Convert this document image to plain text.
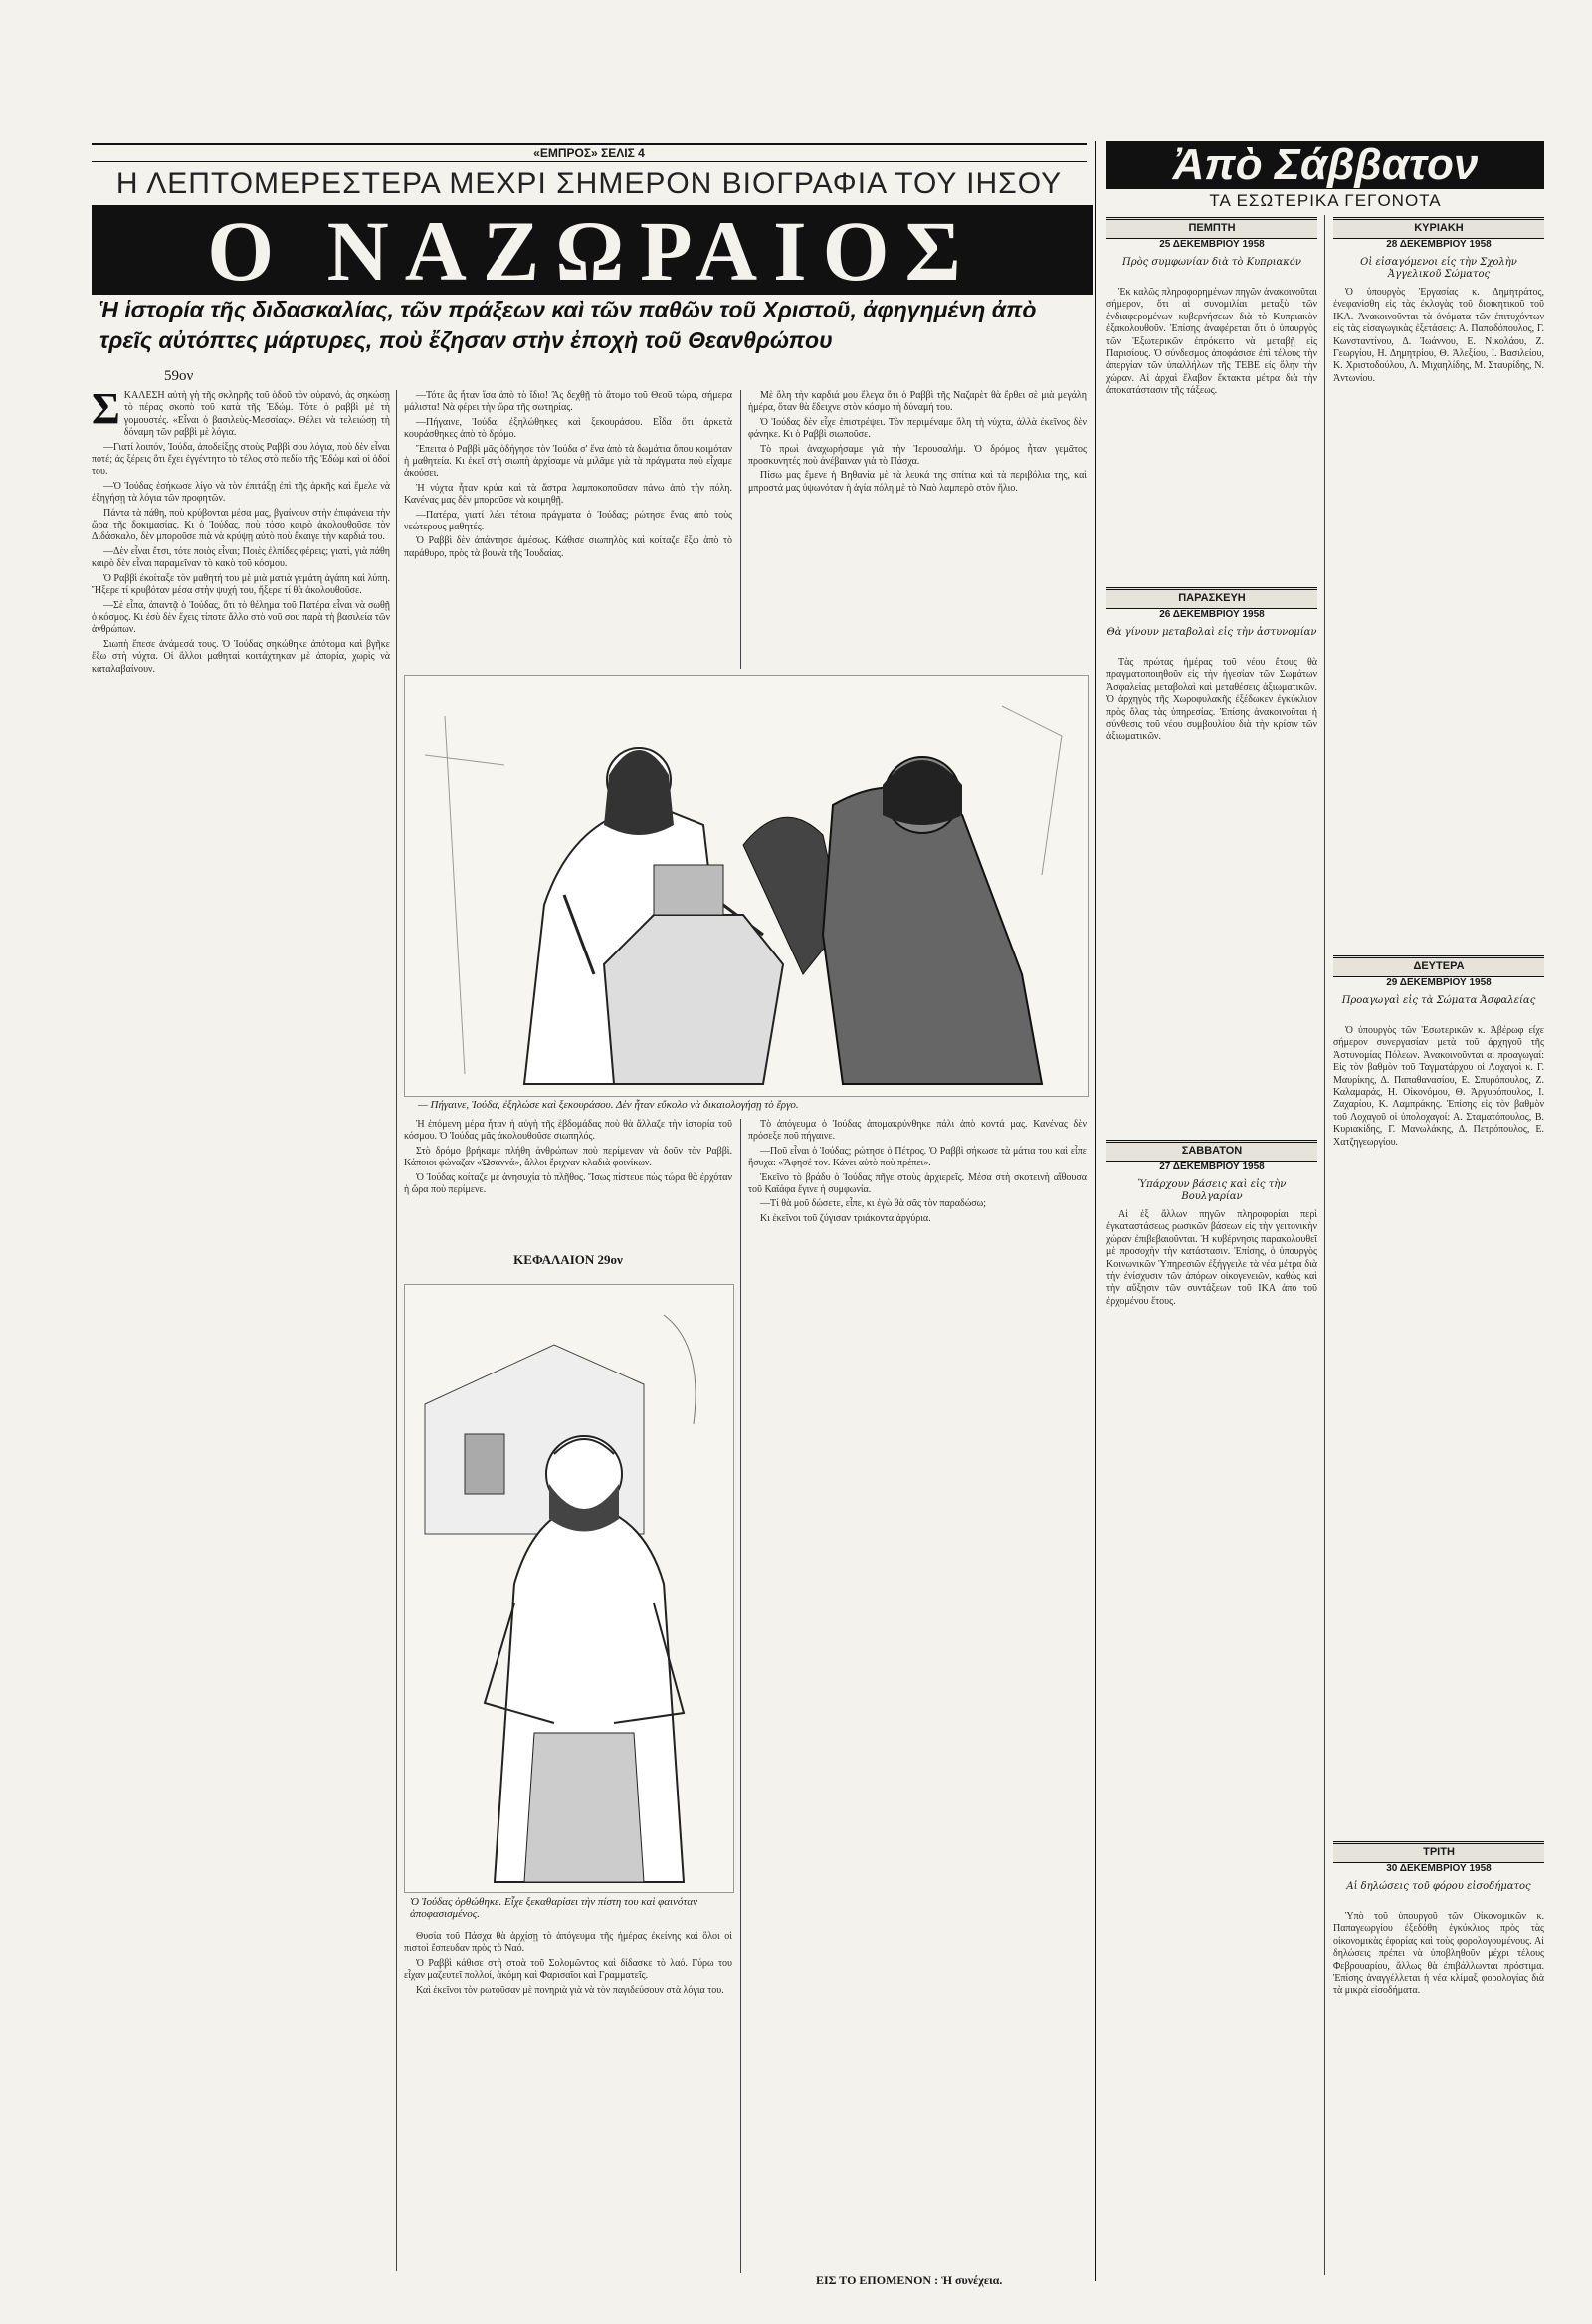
«ΕΜΠΡΟΣ» ΣΕΛΙΣ 4
Η ΛΕΠΤΟΜΕΡΕΣΤΕΡΑ ΜΕΧΡΙ ΣΗΜΕΡΟΝ ΒΙΟΓΡΑΦΙΑ ΤΟΥ ΙΗΣΟΥ
Ο ΝΑΖΩΡΑΙΟΣ
Ἡ ἱστορία τῆς διδασκαλίας, τῶν πράξεων καὶ τῶν παθῶν τοῦ Χριστοῦ, ἀφηγημένη ἀπὸ τρεῖς αὐτόπτες μάρτυρες, ποὺ ἔζησαν στὴν ἐποχὴ τοῦ Θεανθρώπου
59ον

Σ ΚΑΛΕΣΗ αὐτὴ γὴ τῆς σκληρῆς τοῦ ὁδοῦ τὸν οὐρανό, ἀς σηκώσῃ τὸ πέρας σκοπὸ τοῦ κατὰ τῆς Ἐδώμ. Τότε ὁ ραββὶ μὲ τὴ γομουστές. «Εἶναι ὁ βασιλεὺς-Μεσσίας». Θέλει νὰ τελειώσῃ τὴ δόναμη τῶν ραββὶ μὲ λόγια.

—Γιατί λοιπόν, Ἰούδα, ἀποδείξῃς στοὺς Ραββὶ σου λόγια, ποὺ δὲν εἶναι ποτέ; ἀς ξέρεις ὅτι ἔχει ἐγγέντητο τὸ τέλος στὸ πεδίο τῆς Ἐδὼμ καὶ οἱ ὁδοί του.

—Ὁ Ἰούδας ἐσήκωσε λίγο νὰ τὸν ἐπιτάξῃ ἐπὶ τῆς ἀρκῆς καὶ ἔμελε νὰ ἐξηγήσῃ τὰ λόγια τῶν προφητῶν.

Πάντα τὰ πάθη, ποὺ κρύβονται μέσα μας, βγαίνουν στὴν ἐπιφάνεια τὴν ὥρα τῆς δοκιμασίας. Κι ὁ Ἰούδας, ποὺ τόσο καιρὸ ἀκολουθοῦσε τὸν Διδάσκαλο, δὲν μποροῦσε πιὰ νὰ κρύψῃ αὐτὸ ποὺ ἔκαιγε τὴν καρδιά του.

—Δὲν εἶναι ἔτσι, τότε ποιὸς εἶναι; Ποιὲς ἐλπίδες φέρεις; γιατὶ, γιὰ πάθη καιρὸ δὲν εἶναι παραμεῖναν τὸ κακὸ τοῦ κόσμου.

Ὁ Ραββὶ ἐκοίταξε τὸν μαθητή του μὲ μιὰ ματιὰ γεμάτη ἀγάπη καὶ λύπη. Ἤξερε τί κρυβόταν μέσα στὴν ψυχή του, ἤξερε τί θὰ ἀκολουθοῦσε.

—Σὲ εἶπα, ἀπαντᾷ ὁ Ἰούδας, ὅτι τὸ θέλημα τοῦ Πατέρα εἶναι νὰ σωθῇ ὁ κόσμος. Κι ἐσὺ δὲν ἔχεις τίποτε ἄλλο στὸ νοῦ σου παρὰ τὴ βασιλεία τῶν ἀνθρώπων.

Σιωπὴ ἔπεσε ἀνάμεσά τους. Ὁ Ἰούδας σηκώθηκε ἀπότομα καὶ βγῆκε ἔξω στὴ νύχτα. Οἱ ἄλλοι μαθηταὶ κοιτάχτηκαν μὲ ἀπορία, χωρὶς νὰ καταλαβαίνουν.

—Τότε ἂς ἦταν ἴσα ἀπὸ τὸ ἴδιο! Ἂς δεχθῇ τὸ ἄτομο τοῦ Θεοῦ τώρα, σήμερα μάλιστα! Νὰ φέρει τὴν ὥρα τῆς σωτηρίας.

—Πήγαινε, Ἰούδα, ἐξηλώθηκες καὶ ξεκουράσου. Εἶδα ὅτι ἀρκετὰ κουράσθηκες ἀπὸ τὸ δρόμο.

Ἔπειτα ὁ Ραββὶ μᾶς ὁδήγησε τὸν Ἰούδα σ' ἕνα ἀπὸ τὰ δωμάτια ὅπου κοιμόταν ἡ μαθητεία. Κι ἐκεῖ στὴ σιωπὴ ἀρχίσαμε νὰ μιλᾶμε γιὰ τὰ πράγματα ποὺ εἶχαμε ἀκούσει.

Ἡ νύχτα ἦταν κρύα καὶ τὰ ἄστρα λαμποκοποῦσαν πάνω ἀπὸ τὴν πόλη. Κανένας μας δὲν μποροῦσε νὰ κοιμηθῇ.

—Πατέρα, γιατί λέει τέτοια πράγματα ὁ Ἰούδας; ρώτησε ἕνας ἀπὸ τοὺς νεώτερους μαθητές.

Ὁ Ραββὶ δὲν ἀπάντησε ἀμέσως. Κάθισε σιωπηλὸς καὶ κοίταζε ἔξω ἀπὸ τὸ παράθυρο, πρὸς τὰ βουνὰ τῆς Ἰουδαίας.

Μὲ ὅλη τὴν καρδιά μου ἔλεγα ὅτι ὁ Ραββὶ τῆς Ναζαρὲτ θὰ ἔρθει σὲ μιὰ μεγάλη ἡμέρα, ὅταν θὰ ἔδειχνε στὸν κόσμο τὴ δύναμή του.

Ὁ Ἰούδας δὲν εἶχε ἐπιστρέψει. Τὸν περιμέναμε ὅλη τὴ νύχτα, ἀλλὰ ἐκεῖνος δὲν φάνηκε. Κι ὁ Ραββὶ σιωποῦσε.

Τὸ πρωὶ ἀναχωρήσαμε γιὰ τὴν Ἱερουσαλήμ. Ὁ δρόμος ἦταν γεμᾶτος προσκυνητές ποὺ ἀνέβαιναν γιὰ τὸ Πάσχα.

Πίσω μας ἔμενε ἡ Βηθανία μὲ τὰ λευκά της σπίτια καὶ τὰ περιβόλια της, καὶ μπροστά μας ὑψωνόταν ἡ ἁγία πόλη μὲ τὸ Ναὸ λαμπερὸ στὸν ἥλιο.

— Πήγαινε, Ἰούδα, ἐξηλώσε καὶ ξεκουράσου. Δὲν ἦταν εὔκολο νὰ δικαιολογήσῃ τὸ ἔργο.

Ἡ ἐπόμενη μέρα ἦταν ἡ αὐγὴ τῆς ἑβδομάδας ποὺ θὰ ἄλλαζε τὴν ἱστορία τοῦ κόσμου. Ὁ Ἰούδας μᾶς ἀκολουθοῦσε σιωπηλός.

Στὸ δρόμο βρήκαμε πλήθη ἀνθρώπων ποὺ περίμεναν νὰ δοῦν τὸν Ραββὶ. Κάποιοι φώναζαν «Ὡσαννά», ἄλλοι ἔριχναν κλαδιὰ φοινίκων.

Ὁ Ἰούδας κοίταζε μὲ ἀνησυχία τὸ πλῆθος. Ἴσως πίστευε πὼς τώρα θὰ ἐρχόταν ἡ ὥρα ποὺ περίμενε.

ΚΕΦΑΛΑΙΟΝ 29ον
Ὁ Ἰούδας ὀρθώθηκε. Εἶχε ξεκαθαρίσει τὴν πίστη του καὶ φαινόταν ἀποφασισμένος.

Θυσία τοῦ Πάσχα θὰ ἀρχίσῃ τὸ ἀπόγευμα τῆς ἡμέρας ἐκείνης καὶ ὅλοι οἱ πιστοὶ ἔσπευδαν πρὸς τὸ Ναό.

Ὁ Ραββὶ κάθισε στὴ στοὰ τοῦ Σολομῶντος καὶ δίδασκε τὸ λαό. Γύρω του εἶχαν μαζευτεῖ πολλοί, ἀκόμη καὶ Φαρισαῖοι καὶ Γραμματεῖς.

Καὶ ἐκεῖνοι τὸν ρωτοῦσαν μὲ πονηριὰ γιὰ νὰ τὸν παγιδεύσουν στὰ λόγια του.

Τὸ ἀπόγευμα ὁ Ἰούδας ἀπομακρύνθηκε πάλι ἀπὸ κοντά μας. Κανένας δὲν πρόσεξε ποῦ πήγαινε.

—Ποῦ εἶναι ὁ Ἰούδας; ρώτησε ὁ Πέτρος. Ὁ Ραββὶ σήκωσε τὰ μάτια του καὶ εἶπε ἤσυχα: «Ἄφησέ τον. Κάνει αὐτὸ ποὺ πρέπει».

Ἐκεῖνο τὸ βράδυ ὁ Ἰούδας πῆγε στοὺς ἀρχιερεῖς. Μέσα στὴ σκοτεινὴ αἴθουσα τοῦ Καϊάφα ἔγινε ἡ συμφωνία.

—Τί θὰ μοῦ δώσετε, εἶπε, κι ἐγὼ θὰ σᾶς τὸν παραδώσω;

Κι ἐκεῖνοι τοῦ ζύγισαν τριάκοντα ἀργύρια.

ΕΙΣ ΤΟ ΕΠΟΜΕΝΟΝ : Ἡ συνέχεια.
Ἀπὸ Σάββατον
ΤΑ ΕΣΩΤΕΡΙΚΑ ΓΕΓΟΝΟΤΑ
ΠΕΜΠΤΗ
25 ΔΕΚΕΜΒΡΙΟΥ 1958
Πρὸς συμφωνίαν διὰ τὸ Κυπριακόν

Ἐκ καλῶς πληροφορημένων πηγῶν ἀνακοινοῦται σήμερον, ὅτι αἱ συνομιλίαι μεταξὺ τῶν ἐνδιαφερομένων κυβερνήσεων διὰ τὸ Κυπριακὸν ἐξακολουθοῦν. Ἐπίσης ἀναφέρεται ὅτι ὁ ὑπουργὸς τῶν Ἐξωτερικῶν ἐπρόκειτο νὰ μεταβῇ εἰς Παρισίους. Ὁ σύνδεσμος ἀποφάσισε ἐπὶ τέλους τὴν ἀπεργίαν τῶν ὑπαλλήλων τῆς ΤΕΒΕ εἰς ὅλην τὴν χώραν. Αἱ ἀρχαὶ ἔλαβον ἔκτακτα μέτρα διὰ τὴν ἀποκατάστασιν τῆς τάξεως.

ΠΑΡΑΣΚΕΥΗ
26 ΔΕΚΕΜΒΡΙΟΥ 1958
Θὰ γίνουν μεταβολαὶ εἰς τὴν ἀστυνομίαν

Τὰς πρώτας ἡμέρας τοῦ νέου ἔτους θὰ πραγματοποιηθοῦν εἰς τὴν ἡγεσίαν τῶν Σωμάτων Ἀσφαλείας μεταβολαὶ καὶ μεταθέσεις ἀξιωματικῶν. Ὁ ἀρχηγὸς τῆς Χωροφυλακῆς ἐξέδωκεν ἐγκύκλιον πρὸς ὅλας τὰς ὑπηρεσίας. Ἐπίσης ἀνακοινοῦται ἡ σύνθεσις τοῦ νέου συμβουλίου διὰ τὴν κρίσιν τῶν ἀξιωματικῶν.

ΣΑΒΒΑΤΟΝ
27 ΔΕΚΕΜΒΡΙΟΥ 1958
Ὑπάρχουν βάσεις καὶ εἰς τὴν Βουλγαρίαν

Αἱ ἐξ ἄλλων πηγῶν πληροφορίαι περὶ ἐγκαταστάσεως ρωσικῶν βάσεων εἰς τὴν γειτονικὴν χώραν ἐπιβεβαιοῦνται. Ἡ κυβέρνησις παρακολουθεῖ μὲ προσοχὴν τὴν κατάστασιν. Ἐπίσης, ὁ ὑπουργὸς Κοινωνικῶν Ὑπηρεσιῶν ἐξήγγειλε τὰ νέα μέτρα διὰ τὴν ἐνίσχυσιν τῶν ἀπόρων οἰκογενειῶν, καθὼς καὶ τὴν αὔξησιν τῶν συντάξεων τοῦ ΙΚΑ ἀπὸ τοῦ ἐρχομένου ἔτους.

ΚΥΡΙΑΚΗ
28 ΔΕΚΕΜΒΡΙΟΥ 1958
Οἱ εἰσαγόμενοι εἰς τὴν Σχολὴν Ἀγγελικοῦ Σώματος

Ὁ ὑπουργὸς Ἐργασίας κ. Δημητράτος, ἐνεφανίσθη εἰς τὰς ἐκλογὰς τοῦ διοικητικοῦ τοῦ ΙΚΑ. Ἀνακοινοῦνται τὰ ὀνόματα τῶν ἐπιτυχόντων εἰς τὰς εἰσαγωγικὰς ἐξετάσεις: Α. Παπαδόπουλος, Γ. Κωνσταντίνου, Δ. Ἰωάννου, Ε. Νικολάου, Ζ. Γεωργίου, Η. Δημητρίου, Θ. Ἀλεξίου, Ι. Βασιλείου, Κ. Χριστοδούλου, Λ. Μιχαηλίδης, Μ. Σταυρίδης, Ν. Ἀντωνίου.

ΔΕΥΤΕΡΑ
29 ΔΕΚΕΜΒΡΙΟΥ 1958
Προαγωγαὶ εἰς τὰ Σώματα Ἀσφαλείας

Ὁ ὑπουργὸς τῶν Ἐσωτερικῶν κ. Ἀβέρωφ εἶχε σήμερον συνεργασίαν μετὰ τοῦ ἀρχηγοῦ τῆς Ἀστυνομίας Πόλεων. Ἀνακοινοῦνται αἱ προαγωγαί: Εἰς τὸν βαθμὸν τοῦ Ταγματάρχου οἱ Λοχαγοὶ κ. Γ. Μαυρίκης, Δ. Παπαθανασίου, Ε. Σπυρόπουλος, Ζ. Καλαμαράς, Η. Οἰκονόμου, Θ. Ἀργυρόπουλος, Ι. Ζαχαρίου, Κ. Λαμπράκης. Ἐπίσης εἰς τὸν βαθμὸν τοῦ Λοχαγοῦ οἱ ὑπολοχαγοί: Α. Σταματόπουλος, Β. Κυριακίδης, Γ. Μανωλάκης, Δ. Πετρόπουλος, Ε. Χατζηγεωργίου.

ΤΡΙΤΗ
30 ΔΕΚΕΜΒΡΙΟΥ 1958
Αἱ δηλώσεις τοῦ φόρου εἰσοδήματος

Ὑπὸ τοῦ ὑπουργοῦ τῶν Οἰκονομικῶν κ. Παπαγεωργίου ἐξεδόθη ἐγκύκλιος πρὸς τὰς οἰκονομικὰς ἐφορίας καὶ τοὺς φορολογουμένους. Αἱ δηλώσεις πρέπει νὰ ὑποβληθοῦν μέχρι τέλους Φεβρουαρίου, ἄλλως θὰ ἐπιβάλλωνται πρόστιμα. Ἐπίσης ἀναγγέλλεται ἡ νέα κλίμαξ φορολογίας διὰ τὰ μικρὰ εἰσοδήματα.
